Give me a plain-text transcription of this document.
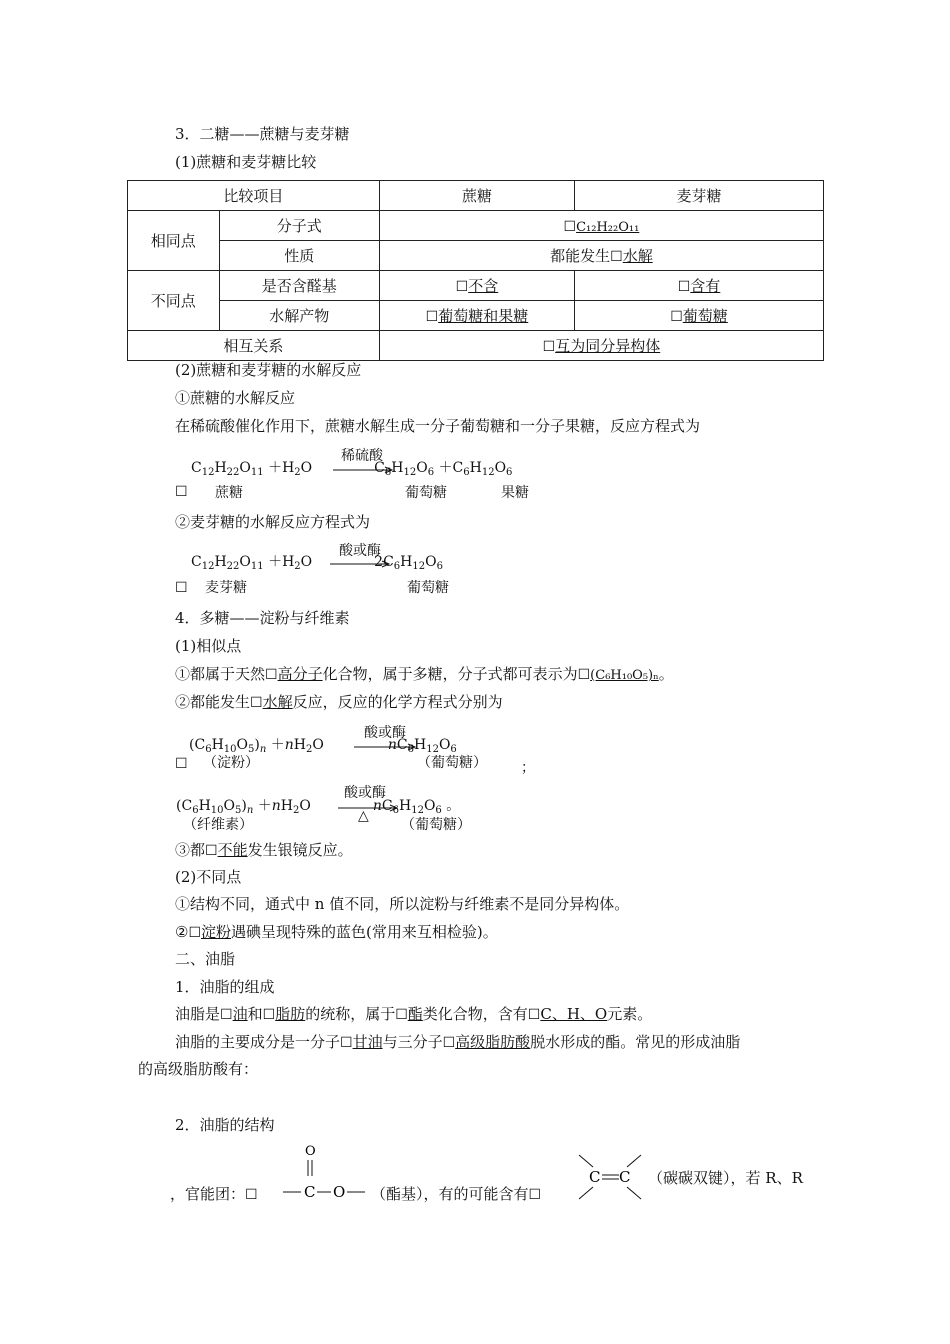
3．二糖——蔗糖与麦芽糖
(1)蔗糖和麦芽糖比较
比较项目		蔗糖	麦芽糖
相同点	分子式	☐C₁₂H₂₂O₁₁	
	性质	都能发生☐水解	
不同点	是否含醛基	☐不含	☐含有
	水解产物	☐葡萄糖和果糖	☐葡萄糖
相互关系		☐互为同分异构体	
(2)蔗糖和麦芽糖的水解反应
①蔗糖的水解反应
在稀硫酸催化作用下，蔗糖水解生成一分子葡萄糖和一分子果糖，反应方程式为
$C_{12}H_{22}O_{11} +H_2O$	$C_6H_{12}O_6 +C_6H_{12}O_6$
稀硫酸
☐ 蔗糖	葡萄糖	果糖
②麦芽糖的水解反应方程式为
$C_{12}H_{22}O_{11} +H_2O$	$2C_6H_{12}O_6$
酸或酶
☐ 麦芽糖	葡萄糖
4．多糖——淀粉与纤维素
(1)相似点
①都属于天然☐高分子化合物，属于多糖，分子式都可表示为☐(C₆H₁₀O₅)ₙ。
②都能发生☐水解反应，反应的化学方程式分别为
$(C_6H_{10}O_5)_n +nH_2O$	$nC_6H_{12}O_6$
酸或酶
☐ （淀粉）	（葡萄糖） ；
$(C_6H_{10}O_5)_n +nH_2O$	$nC_6H_{12}O_6$ 。
酸或酶
△
（纤维素）	（葡萄糖）
③都☐不能发生银镜反应。
(2)不同点
①结构不同，通式中 n 值不同，所以淀粉与纤维素不是同分异构体。
②☐淀粉遇碘呈现特殊的蓝色(常用来互相检验)。
二、油脂
1．油脂的组成
油脂是☐油和☐脂肪的统称，属于☐酯类化合物，含有☐C、H、O元素。
油脂的主要成分是一分子☐甘油与三分子☐高级脂肪酸脱水形成的酯。常见的形成油脂
的高级脂肪酸有：
2．油脂的结构
，官能团：☐
O
C O （酯基），有的可能含有☐
C C （碳碳双键），若 R、R
